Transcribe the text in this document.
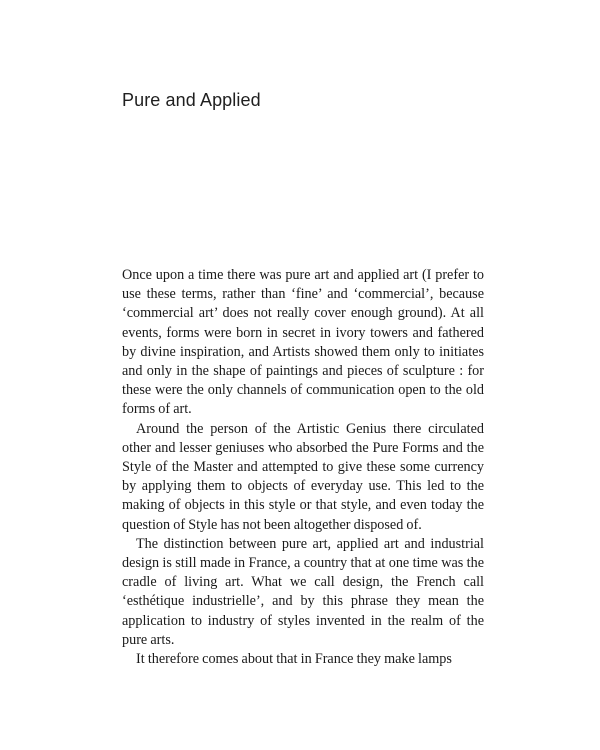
Pure and Applied

Once upon a time there was pure art and applied art (I prefer to use these terms, rather than ‘fine’ and ‘commercial’, because ‘commercial art’ does not really cover enough ground). At all events, forms were born in secret in ivory towers and fathered by divine inspiration, and Artists showed them only to initiates and only in the shape of paintings and pieces of sculpture : for these were the only channels of communication open to the old forms of art.

Around the person of the Artistic Genius there circulated other and lesser geniuses who absorbed the Pure Forms and the Style of the Master and attempted to give these some currency by applying them to objects of everyday use. This led to the making of objects in this style or that style, and even today the question of Style has not been altogether disposed of.

The distinction between pure art, applied art and industrial design is still made in France, a country that at one time was the cradle of living art. What we call design, the French call ‘esthétique industrielle’, and by this phrase they mean the application to industry of styles invented in the realm of the pure arts.

It therefore comes about that in France they make lamps
